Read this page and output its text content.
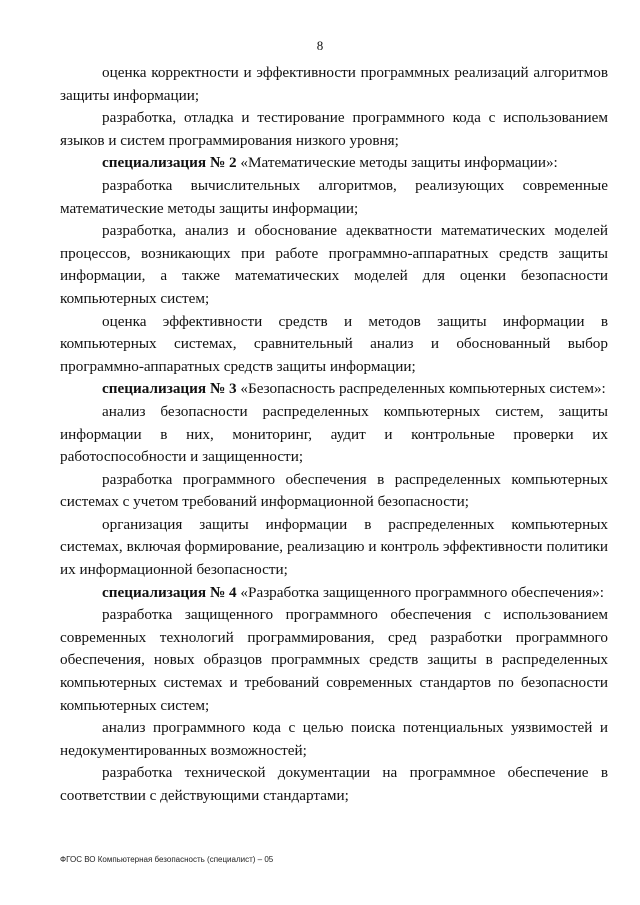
8

оценка корректности и эффективности программных реализаций алгоритмов защиты информации;

разработка, отладка и тестирование программного кода с использованием языков и систем программирования низкого уровня;

специализация № 2 «Математические методы защиты информации»:

разработка вычислительных алгоритмов, реализующих современные математические методы защиты информации;

разработка, анализ и обоснование адекватности математических моделей процессов, возникающих при работе программно-аппаратных средств защиты информации, а также математических моделей для оценки безопасности компьютерных систем;

оценка эффективности средств и методов защиты информации в компьютерных системах, сравнительный анализ и обоснованный выбор программно-аппаратных средств защиты информации;

специализация № 3 «Безопасность распределенных компьютерных систем»:

анализ безопасности распределенных компьютерных систем, защиты информации в них, мониторинг, аудит и контрольные проверки их работоспособности и защищенности;

разработка программного обеспечения в распределенных компьютерных системах с учетом требований информационной безопасности;

организация защиты информации в распределенных компьютерных системах, включая формирование, реализацию и контроль эффективности политики их информационной безопасности;

специализация № 4 «Разработка защищенного программного обеспечения»:

разработка защищенного программного обеспечения с использованием современных технологий программирования, сред разработки программного обеспечения, новых образцов программных средств защиты в распределенных компьютерных системах и требований современных стандартов по безопасности компьютерных систем;

анализ программного кода с целью поиска потенциальных уязвимостей и недокументированных возможностей;

разработка технической документации на программное обеспечение в соответствии с действующими стандартами;

ФГОС ВО Компьютерная безопасность (специалист) – 05
